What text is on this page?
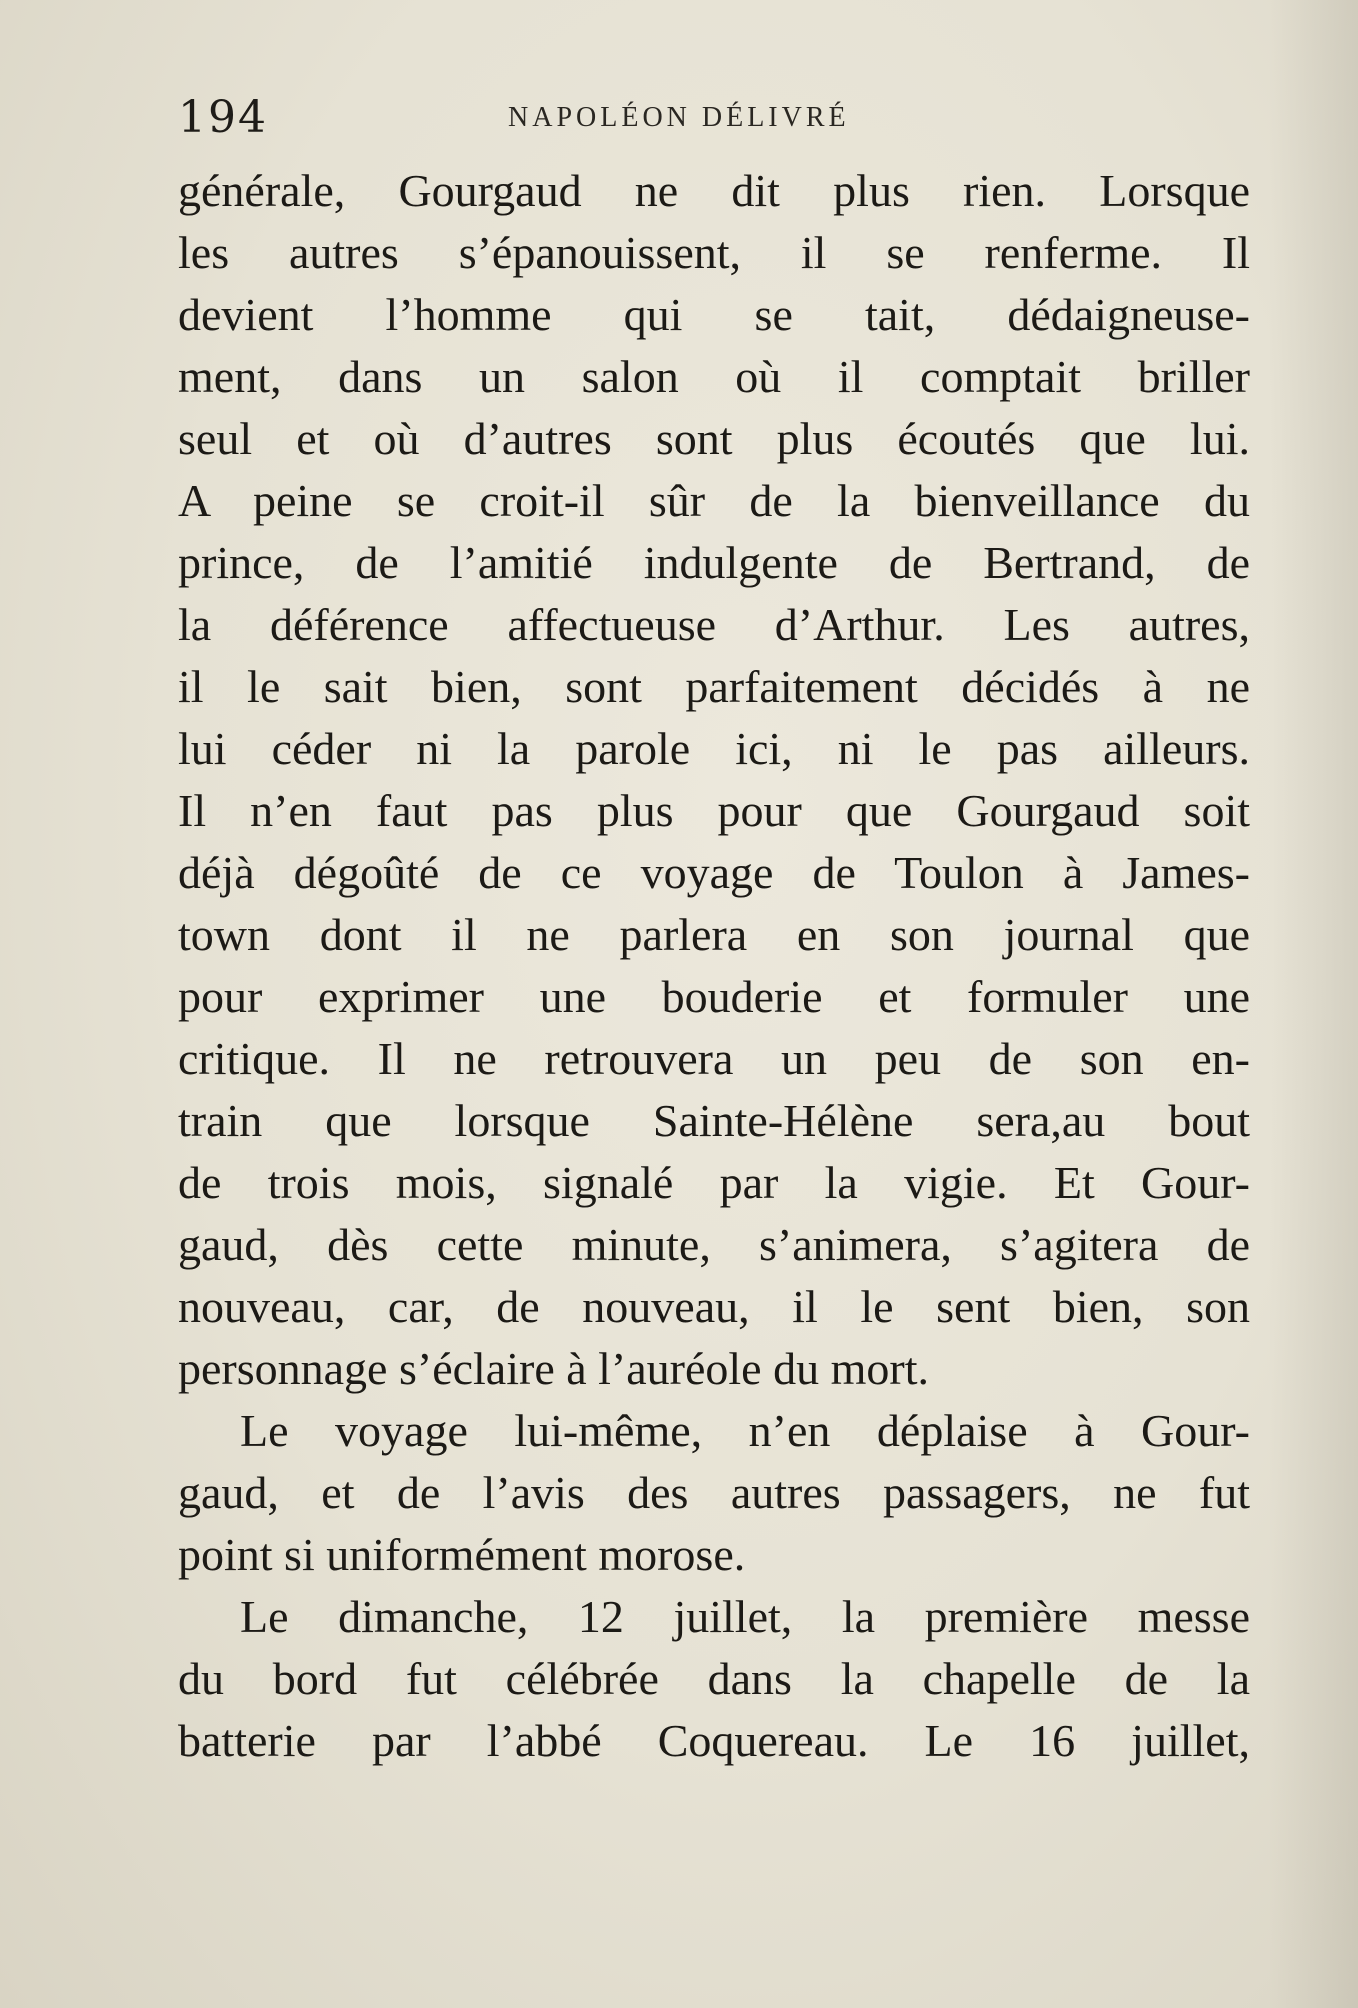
194	NAPOLÉON DÉLIVRÉ
générale, Gourgaud ne dit plus rien. Lorsque
les autres s’épanouissent, il se renferme. Il
devient l’homme qui se tait, dédaigneuse-
ment, dans un salon où il comptait briller
seul et où d’autres sont plus écoutés que lui.
A peine se croit-il sûr de la bienveillance du
prince, de l’amitié indulgente de Bertrand, de
la déférence affectueuse d’Arthur. Les autres,
il le sait bien, sont parfaitement décidés à ne
lui céder ni la parole ici, ni le pas ailleurs.
Il n’en faut pas plus pour que Gourgaud soit
déjà dégoûté de ce voyage de Toulon à James-
town dont il ne parlera en son journal que
pour exprimer une bouderie et formuler une
critique. Il ne retrouvera un peu de son en-
train que lorsque Sainte-Hélène sera,au bout
de trois mois, signalé par la vigie. Et Gour-
gaud, dès cette minute, s’animera, s’agitera de
nouveau, car, de nouveau, il le sent bien, son
personnage s’éclaire à l’auréole du mort.
Le voyage lui-même, n’en déplaise à Gour-
gaud, et de l’avis des autres passagers, ne fut
point si uniformément morose.
Le dimanche, 12 juillet, la première messe
du bord fut célébrée dans la chapelle de la
batterie par l’abbé Coquereau. Le 16 juillet,
